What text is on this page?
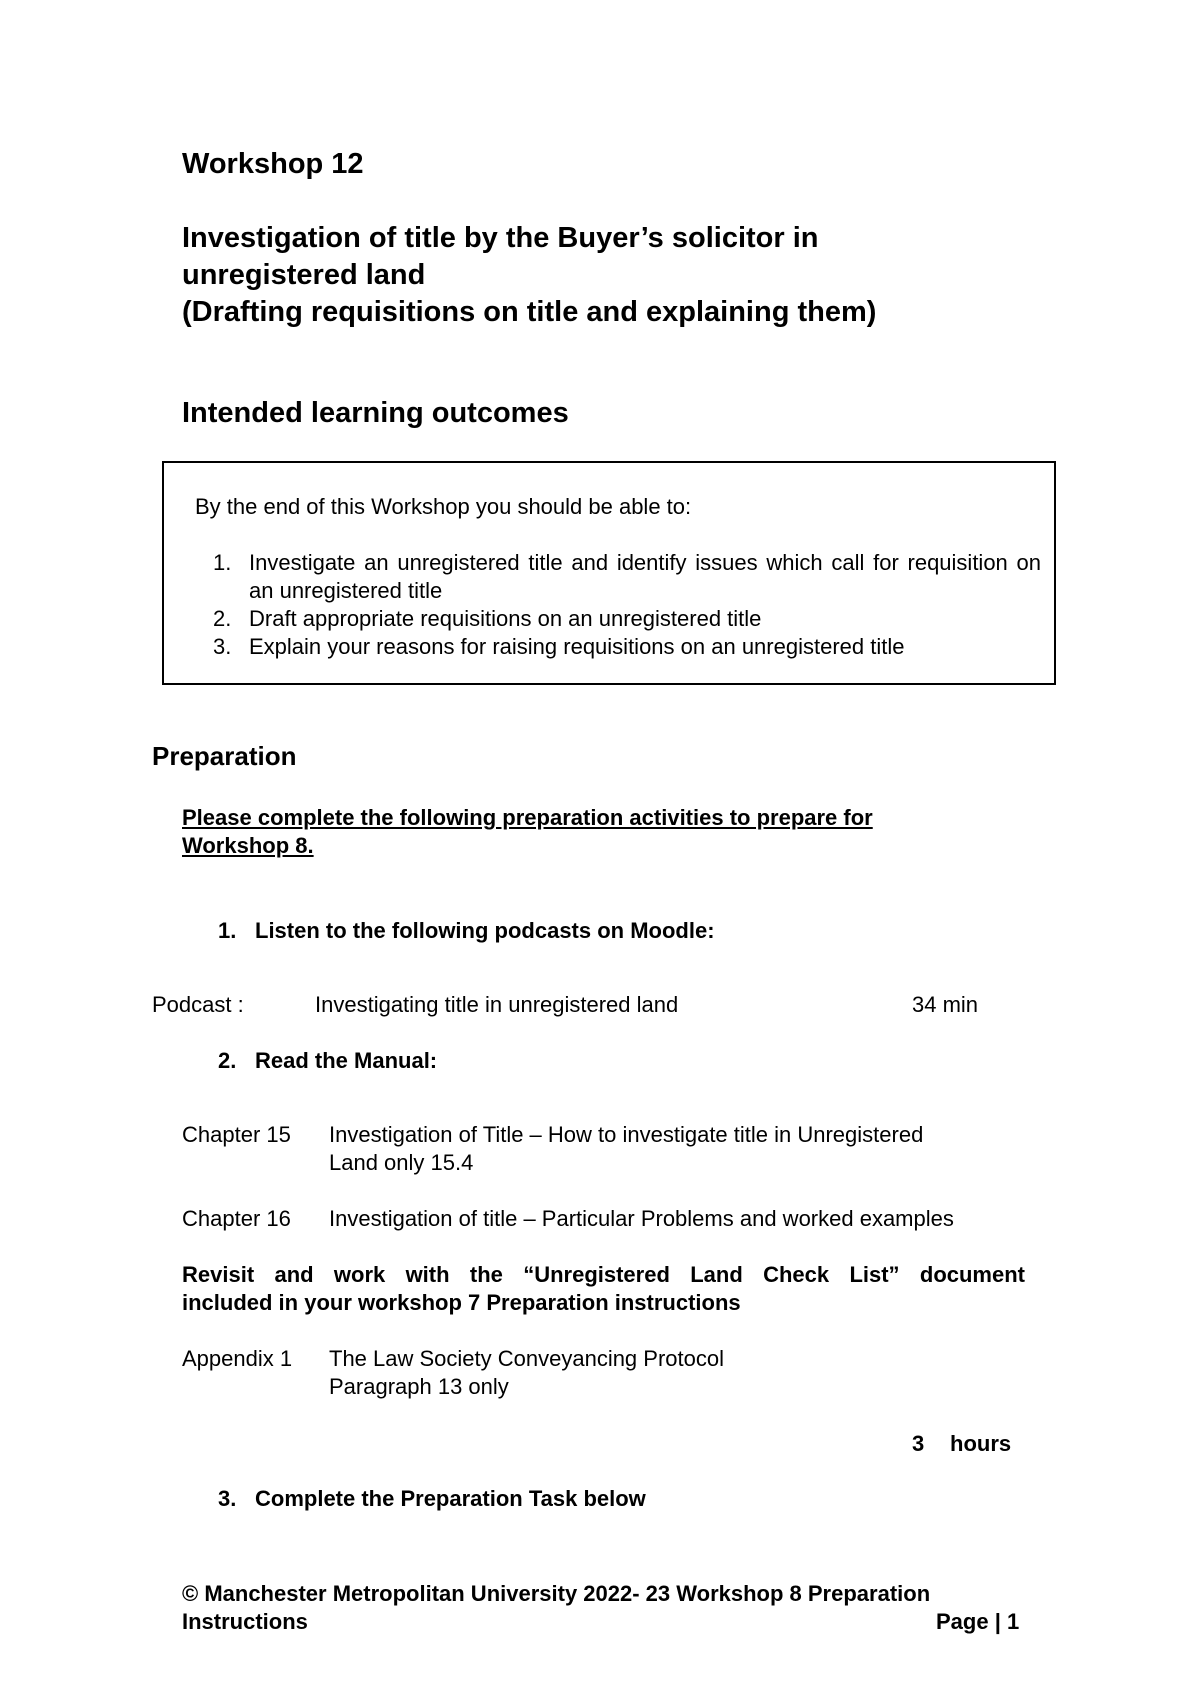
Workshop 12
Investigation of title by the Buyer’s solicitor in
unregistered land
(Drafting requisitions on title and explaining them)
Intended learning outcomes
By the end of this Workshop you should be able to:
1. Investigate an unregistered title and identify issues which call for requisition on an unregistered title
2. Draft appropriate requisitions on an unregistered title
3. Explain your reasons for raising requisitions on an unregistered title
Preparation
Please complete the following preparation activities to prepare for
Workshop 8.
1. Listen to the following podcasts on Moodle:
Podcast :	Investigating title in unregistered land	34 min
2. Read the Manual:
Chapter 15 Investigation of Title – How to investigate title in Unregistered
Land only 15.4
Chapter 16 Investigation of title – Particular Problems and worked examples
Revisit and work with the “Unregistered Land Check List” document
included in your workshop 7 Preparation instructions
Appendix 1 The Law Society Conveyancing Protocol
Paragraph 13 only
3 hours
3. Complete the Preparation Task below
© Manchester Metropolitan University 2022- 23 Workshop 8 Preparation
Instructions	Page | 1
